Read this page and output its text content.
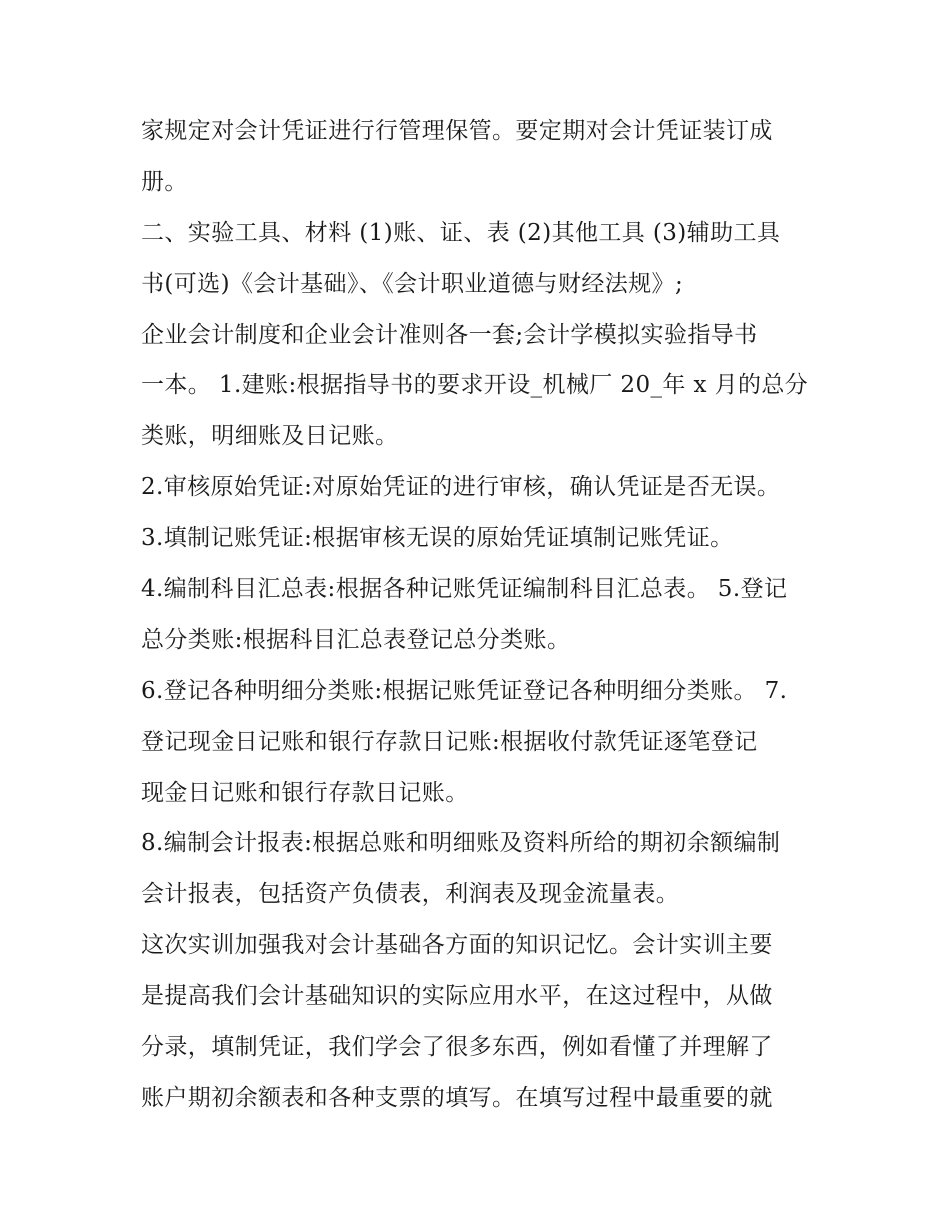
家规定对会计凭证进行行管理保管。要定期对会计凭证装订成
册。
二、实验工具、材料 (1)账、证、表 (2)其他工具 (3)辅助工具
书(可选)《会计基础》、《会计职业道德与财经法规》;
企业会计制度和企业会计准则各一套;会计学模拟实验指导书
一本。 1.建账:根据指导书的要求开设_机械厂 20_年 x 月的总分
类账，明细账及日记账。
2.审核原始凭证:对原始凭证的进行审核，确认凭证是否无误。
3.填制记账凭证:根据审核无误的原始凭证填制记账凭证。
4.编制科目汇总表:根据各种记账凭证编制科目汇总表。 5.登记
总分类账:根据科目汇总表登记总分类账。
6.登记各种明细分类账:根据记账凭证登记各种明细分类账。 7.
登记现金日记账和银行存款日记账:根据收付款凭证逐笔登记
现金日记账和银行存款日记账。
8.编制会计报表:根据总账和明细账及资料所给的期初余额编制
会计报表，包括资产负债表，利润表及现金流量表。
这次实训加强我对会计基础各方面的知识记忆。会计实训主要
是提高我们会计基础知识的实际应用水平，在这过程中，从做
分录，填制凭证，我们学会了很多东西，例如看懂了并理解了
账户期初余额表和各种支票的填写。在填写过程中最重要的就
